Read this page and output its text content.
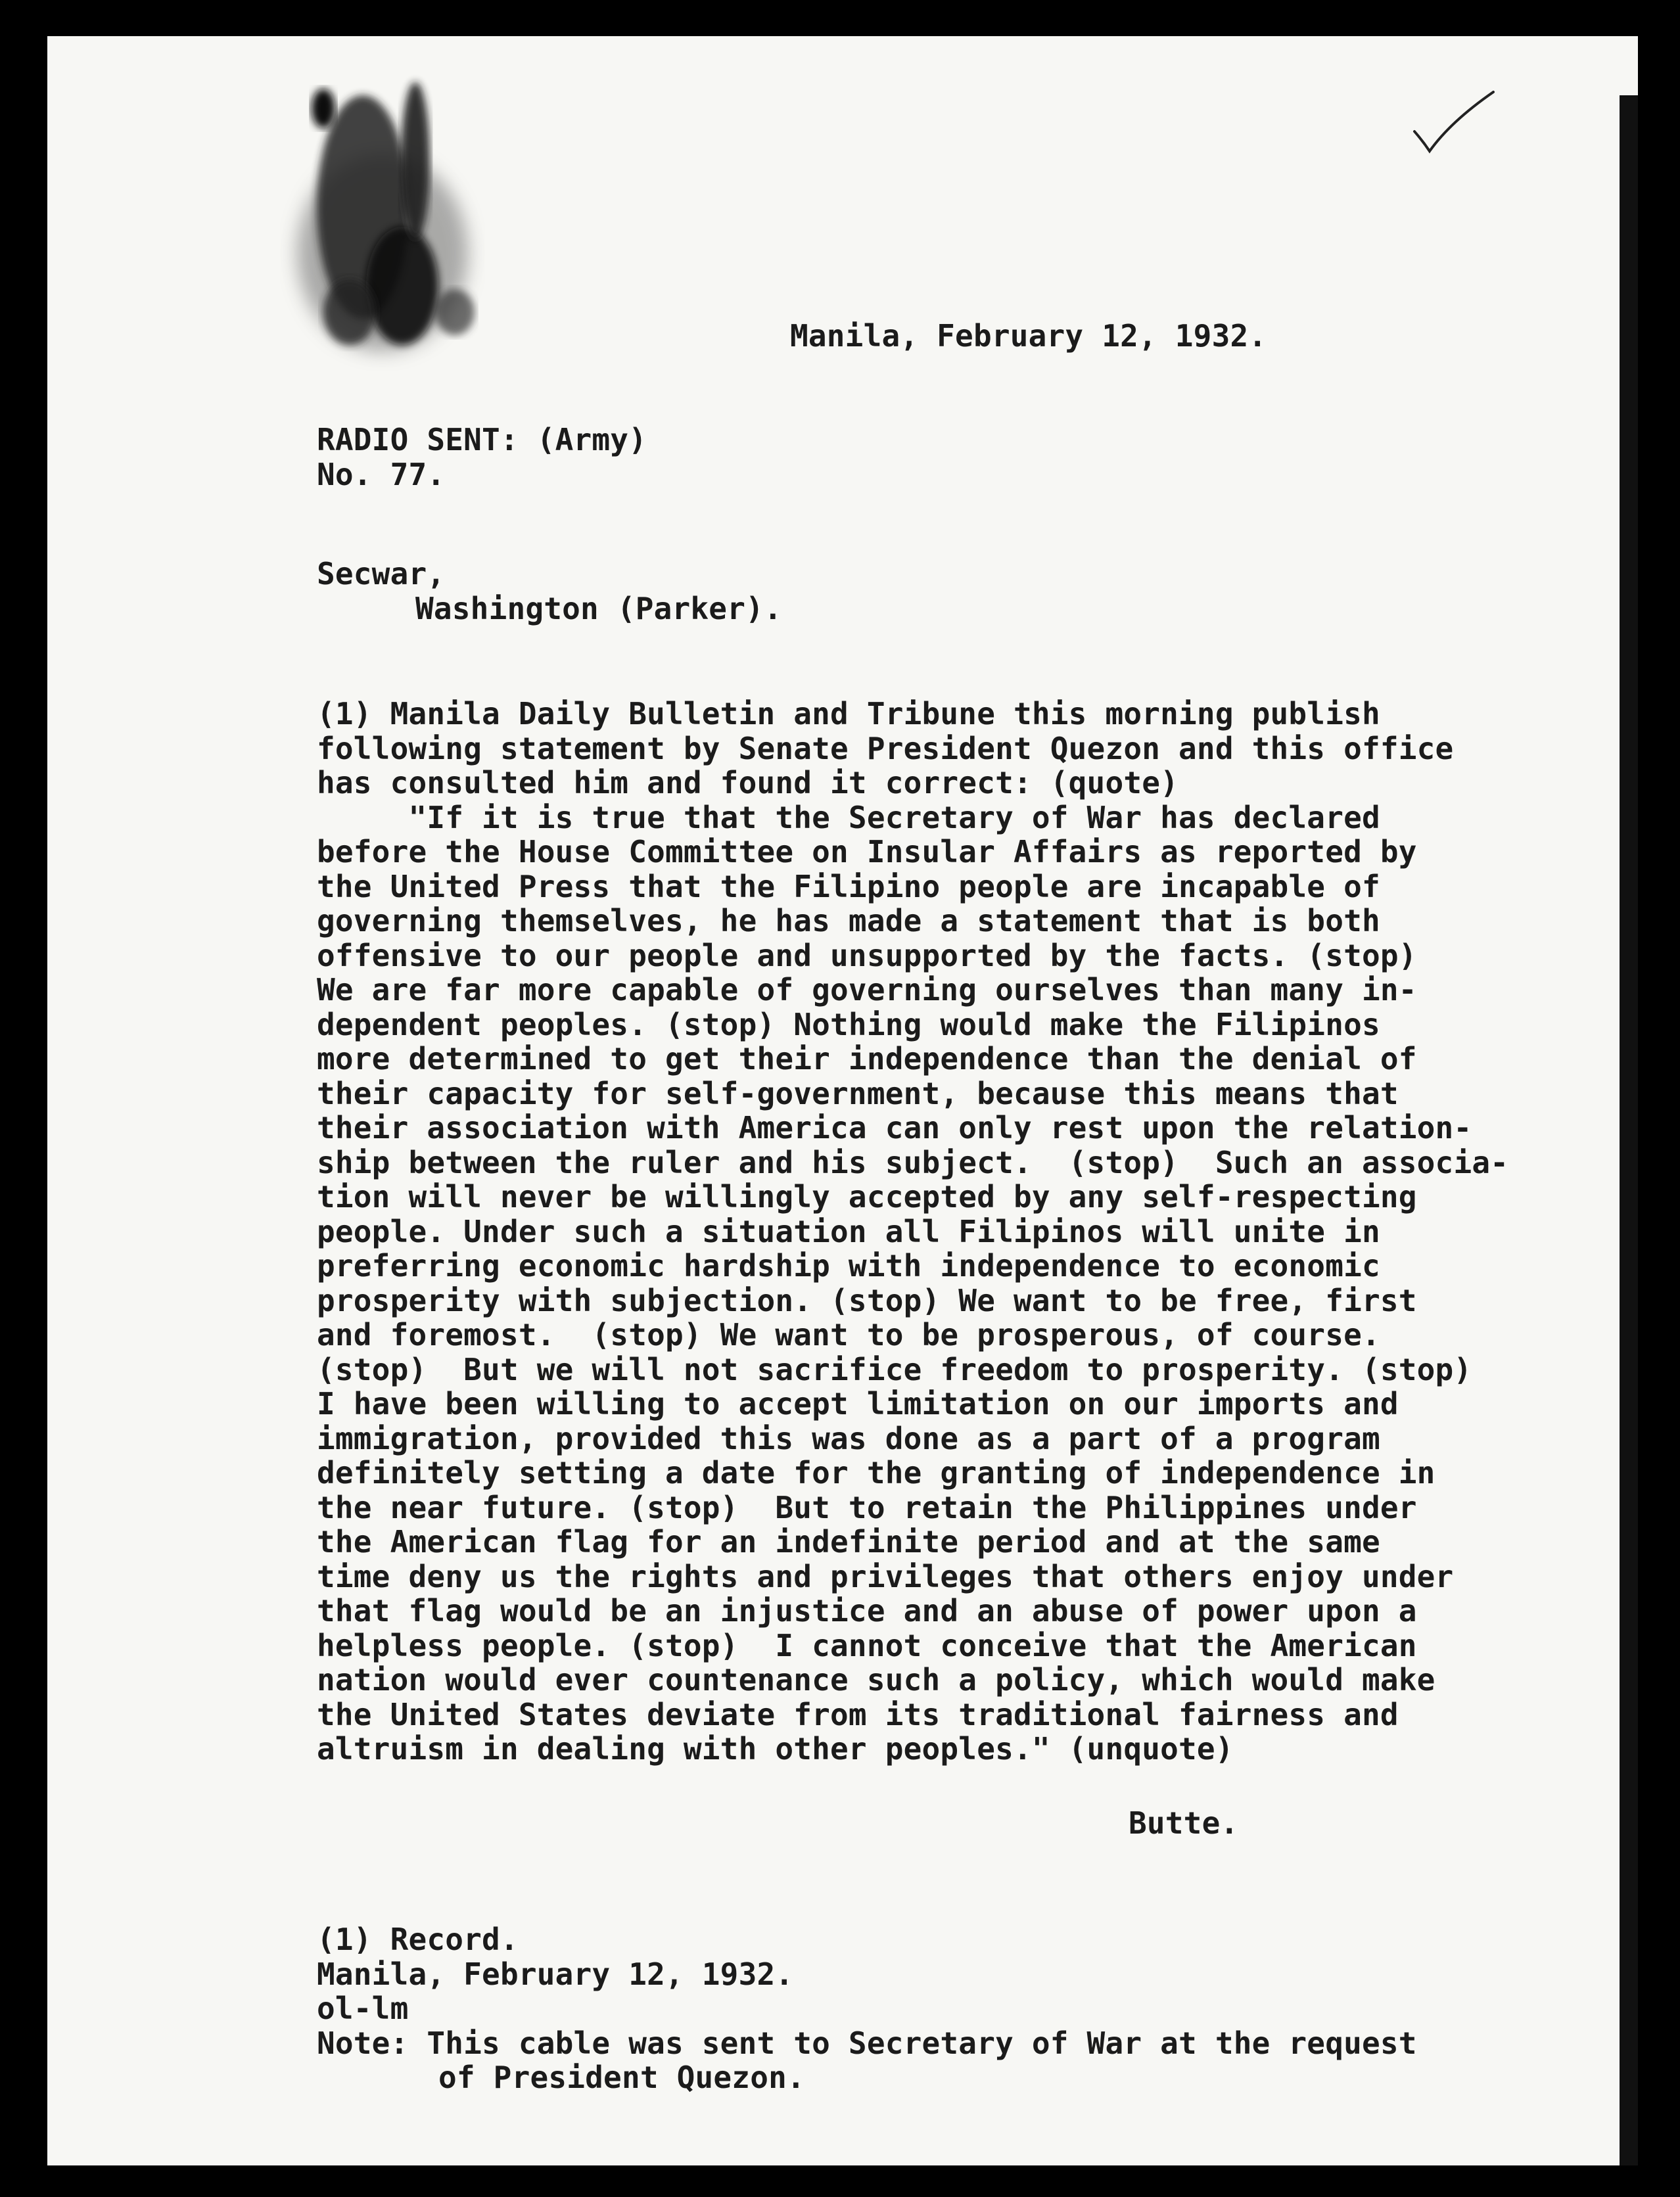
Manila, February 12, 1932.
RADIO SENT: (Army)
No. 77.
Secwar,
Washington (Parker).
(1) Manila Daily Bulletin and Tribune this morning publish
following statement by Senate President Quezon and this office
has consulted him and found it correct: (quote)
"If it is true that the Secretary of War has declared
before the House Committee on Insular Affairs as reported by
the United Press that the Filipino people are incapable of
governing themselves, he has made a statement that is both
offensive to our people and unsupported by the facts. (stop)
We are far more capable of governing ourselves than many in-
dependent peoples. (stop) Nothing would make the Filipinos
more determined to get their independence than the denial of
their capacity for self-government, because this means that
their association with America can only rest upon the relation-
ship between the ruler and his subject.  (stop)  Such an associa-
tion will never be willingly accepted by any self-respecting
people. Under such a situation all Filipinos will unite in
preferring economic hardship with independence to economic
prosperity with subjection. (stop) We want to be free, first
and foremost.  (stop) We want to be prosperous, of course.
(stop)  But we will not sacrifice freedom to prosperity. (stop)
I have been willing to accept limitation on our imports and
immigration, provided this was done as a part of a program
definitely setting a date for the granting of independence in
the near future. (stop)  But to retain the Philippines under
the American flag for an indefinite period and at the same
time deny us the rights and privileges that others enjoy under
that flag would be an injustice and an abuse of power upon a
helpless people. (stop)  I cannot conceive that the American
nation would ever countenance such a policy, which would make
the United States deviate from its traditional fairness and
altruism in dealing with other peoples." (unquote)
Butte.
(1) Record.
Manila, February 12, 1932.
ol-lm
Note: This cable was sent to Secretary of War at the request
of President Quezon.
